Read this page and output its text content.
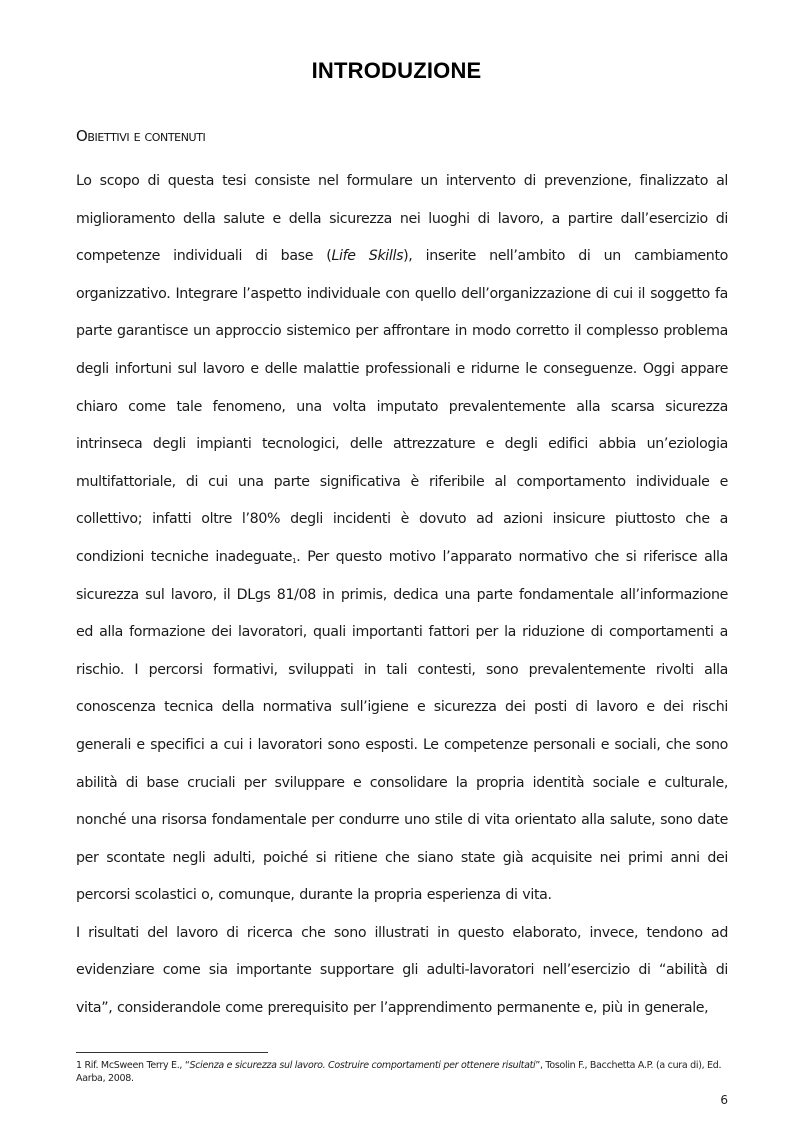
INTRODUZIONE
Obiettivi e contenuti

Lo scopo di questa tesi consiste nel formulare un intervento di prevenzione, finalizzato al miglioramento della salute e della sicurezza nei luoghi di lavoro, a partire dall’esercizio di competenze individuali di base (Life Skills), inserite nell’ambito di un cambiamento organizzativo. Integrare l’aspetto individuale con quello dell’organizzazione di cui il soggetto fa parte garantisce un approccio sistemico per affrontare in modo corretto il complesso problema degli infortuni sul lavoro e delle malattie professionali e ridurne le conseguenze. Oggi appare chiaro come tale fenomeno, una volta imputato prevalentemente alla scarsa sicurezza intrinseca degli impianti tecnologici, delle attrezzature e degli edifici abbia un’eziologia multifattoriale, di cui una parte significativa è riferibile al comportamento individuale e collettivo; infatti oltre l’80% degli incidenti è dovuto ad azioni insicure piuttosto che a condizioni tecniche inadeguate$^1$. Per questo motivo l’apparato normativo che si riferisce alla sicurezza sul lavoro, il DLgs 81/08 in primis, dedica una parte fondamentale all’informazione ed alla formazione dei lavoratori, quali importanti fattori per la riduzione di comportamenti a rischio. I percorsi formativi, sviluppati in tali contesti, sono prevalentemente rivolti alla conoscenza tecnica della normativa sull’igiene e sicurezza dei posti di lavoro e dei rischi generali e specifici a cui i lavoratori sono esposti. Le competenze personali e sociali, che sono abilità di base cruciali per sviluppare e consolidare la propria identità sociale e culturale, nonché una risorsa fondamentale per condurre uno stile di vita orientato alla salute, sono date per scontate negli adulti, poiché si ritiene che siano state già acquisite nei primi anni dei percorsi scolastici o, comunque, durante la propria esperienza di vita.

I risultati del lavoro di ricerca che sono illustrati in questo elaborato, invece, tendono ad evidenziare come sia importante supportare gli adulti-lavoratori nell’esercizio di “abilità di vita”, considerandole come prerequisito per l’apprendimento permanente e, più in generale,

1 Rif. McSween Terry E., “Scienza e sicurezza sul lavoro. Costruire comportamenti per ottenere risultati”, Tosolin F., Bacchetta A.P. (a cura di), Ed. Aarba, 2008.
6
